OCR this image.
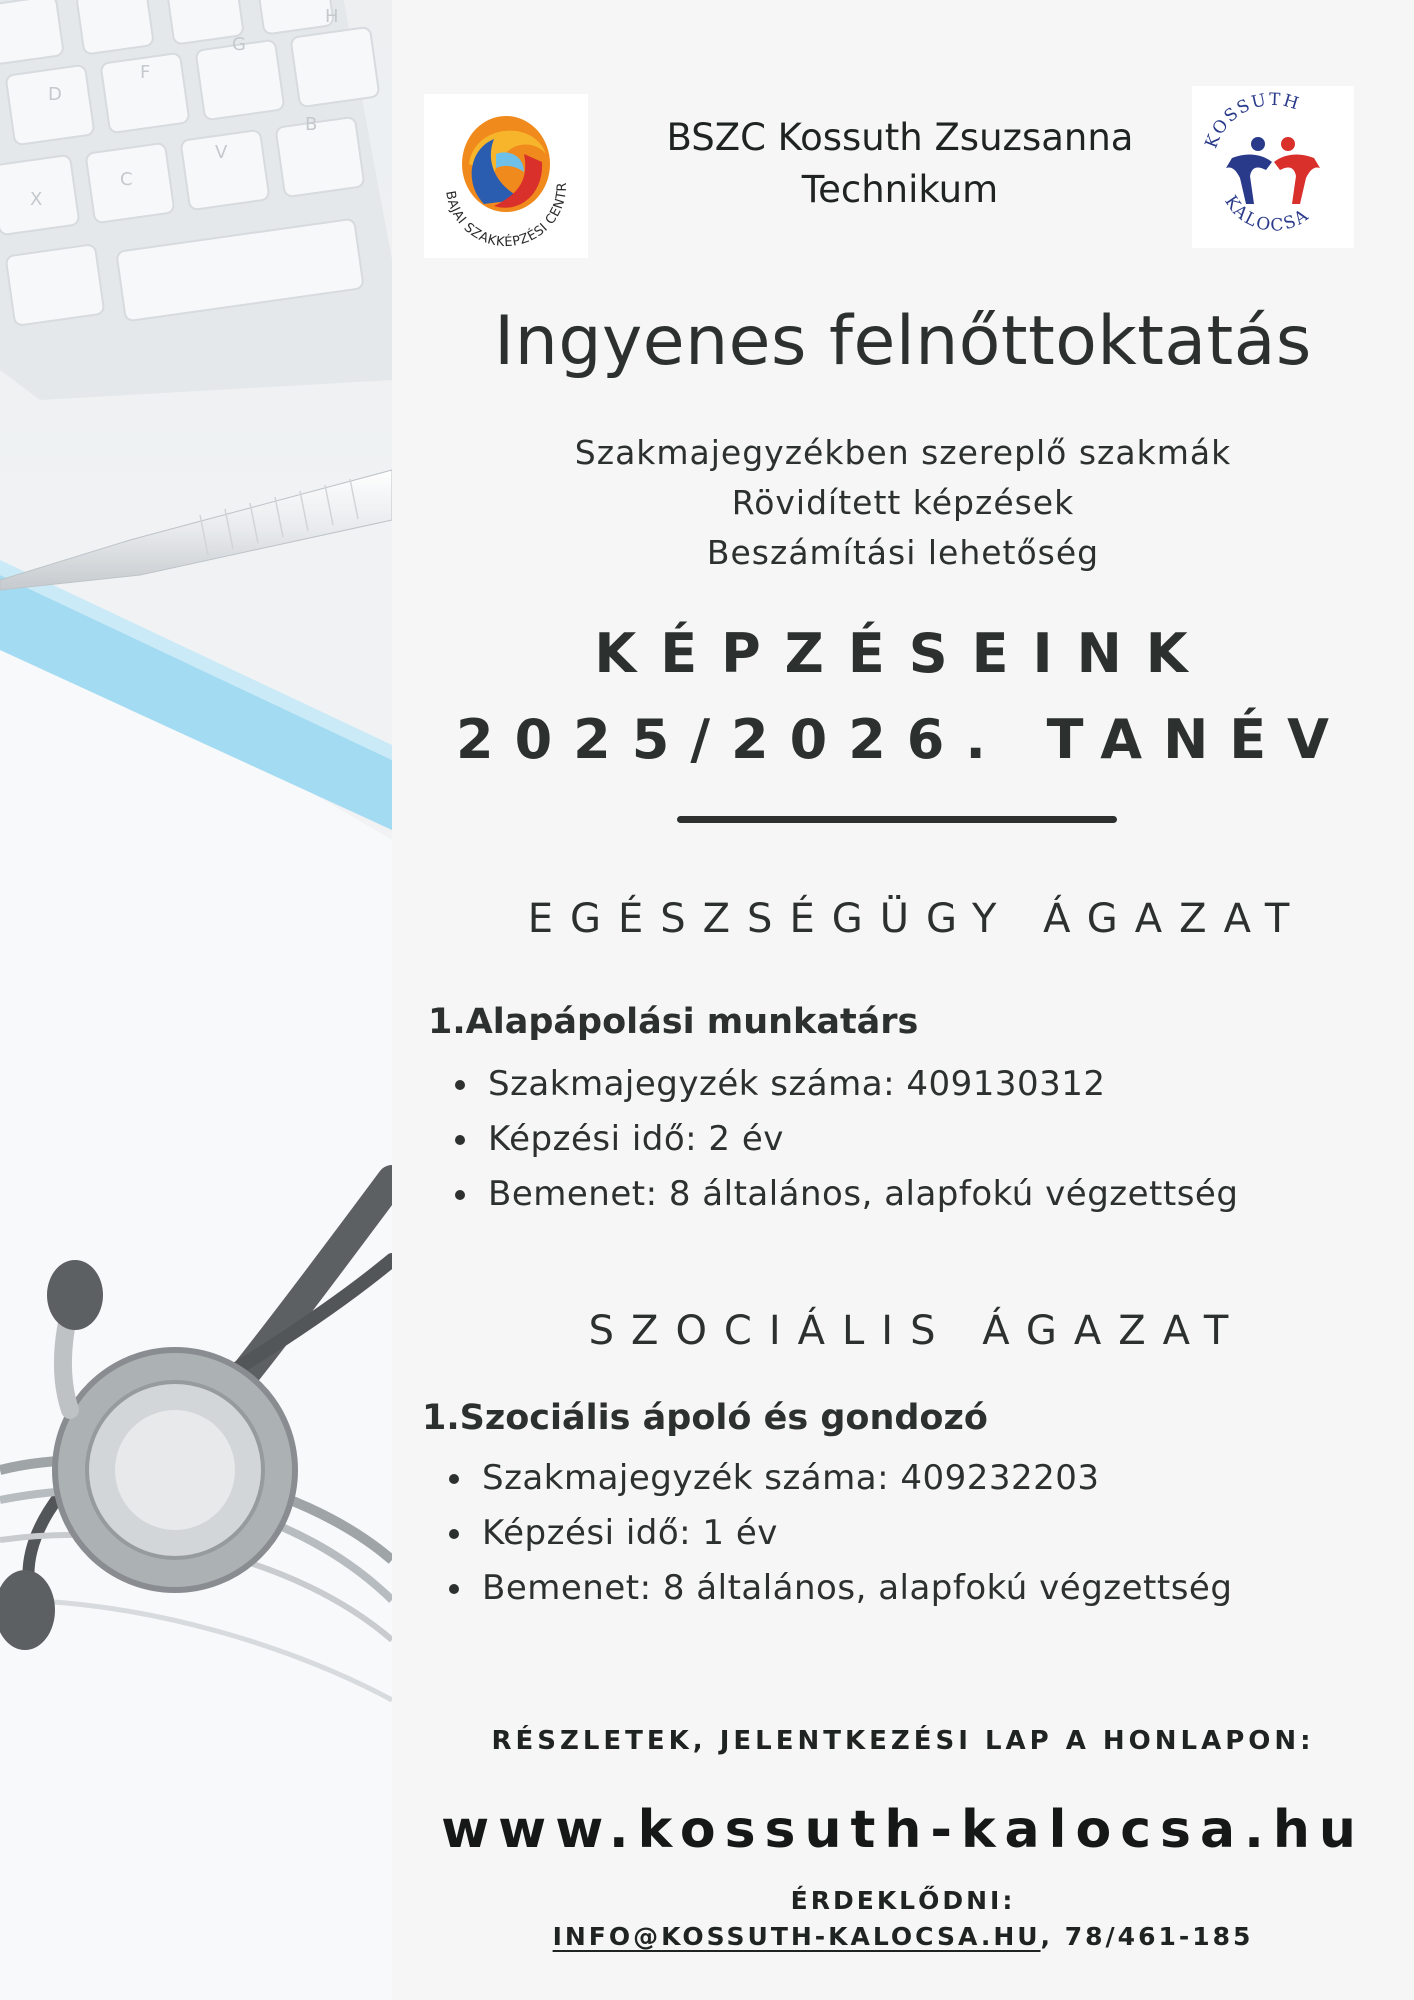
D
F
G
H
X
C
V
B
BAJAI SZAKKÉPZÉSI CENTR
BSZC Kossuth Zsuzsanna
Technikum
KOSSUTH
KALOCSA
Ingyenes felnőttoktatás
Szakmajegyzékben szereplő szakmák
Rövidített képzések
Beszámítási lehetőség
KÉPZÉSEINK
2025/2026. TANÉV
EGÉSZSÉGÜGY ÁGAZAT
1.Alapápolási munkatárs
• Szakmajegyzék száma: 409130312
• Képzési idő: 2 év
• Bemenet: 8 általános, alapfokú végzettség
SZOCIÁLIS ÁGAZAT
1.Szociális ápoló és gondozó
• Szakmajegyzék száma: 409232203
• Képzési idő: 1 év
• Bemenet: 8 általános, alapfokú végzettség
RÉSZLETEK, JELENTKEZÉSI LAP A HONLAPON:
www.kossuth-kalocsa.hu
ÉRDEKLŐDNI:
INFO@KOSSUTH-KALOCSA.HU, 78/461-185
